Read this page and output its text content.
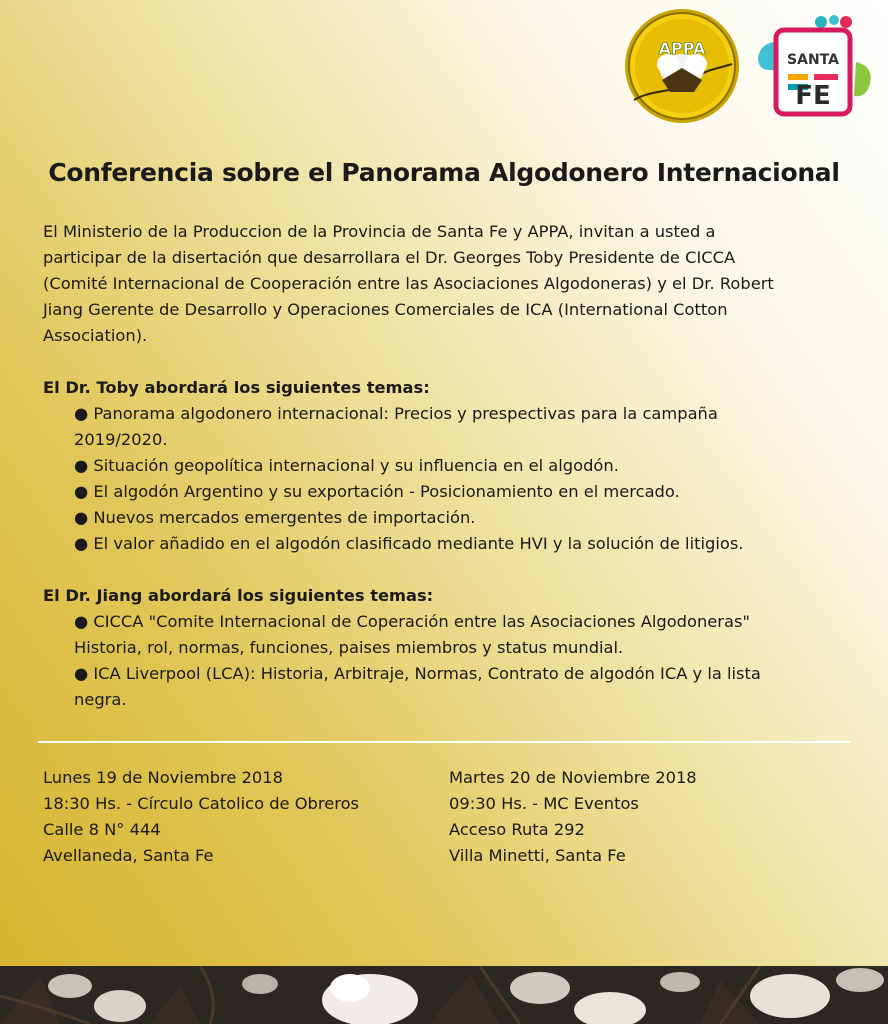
APPA
SANTA
FE
Conferencia sobre el Panorama Algodonero Internacional

El Ministerio de la Produccion de la Provincia de Santa Fe y APPA, invitan a usted a

participar de la disertación que desarrollara el Dr. Georges Toby Presidente de CICCA

(Comité Internacional de Cooperación entre las Asociaciones Algodoneras) y el Dr. Robert

Jiang Gerente de Desarrollo y Operaciones Comerciales de ICA (International Cotton

Association).

El Dr. Toby abordará los siguientes temas:

● Panorama algodonero internacional: Precios y prespectivas para la campaña

2019/2020.

● Situación geopolítica internacional y su influencia en el algodón.

● El algodón Argentino y su exportación - Posicionamiento en el mercado.

● Nuevos mercados emergentes de importación.

● El valor añadido en el algodón clasificado mediante HVI y la solución de litigios.

El Dr. Jiang abordará los siguientes temas:

● CICCA "Comite Internacional de Coperación entre las Asociaciones Algodoneras"

Historia, rol, normas, funciones, paises miembros y status mundial.

● ICA Liverpool (LCA): Historia, Arbitraje, Normas, Contrato de algodón ICA y la lista

negra.

Lunes 19 de Noviembre 2018
18:30 Hs. - Círculo Catolico de Obreros
Calle 8 N° 444
Avellaneda, Santa Fe
Martes 20 de Noviembre 2018
09:30 Hs. - MC Eventos
Acceso Ruta 292
Villa Minetti, Santa Fe
